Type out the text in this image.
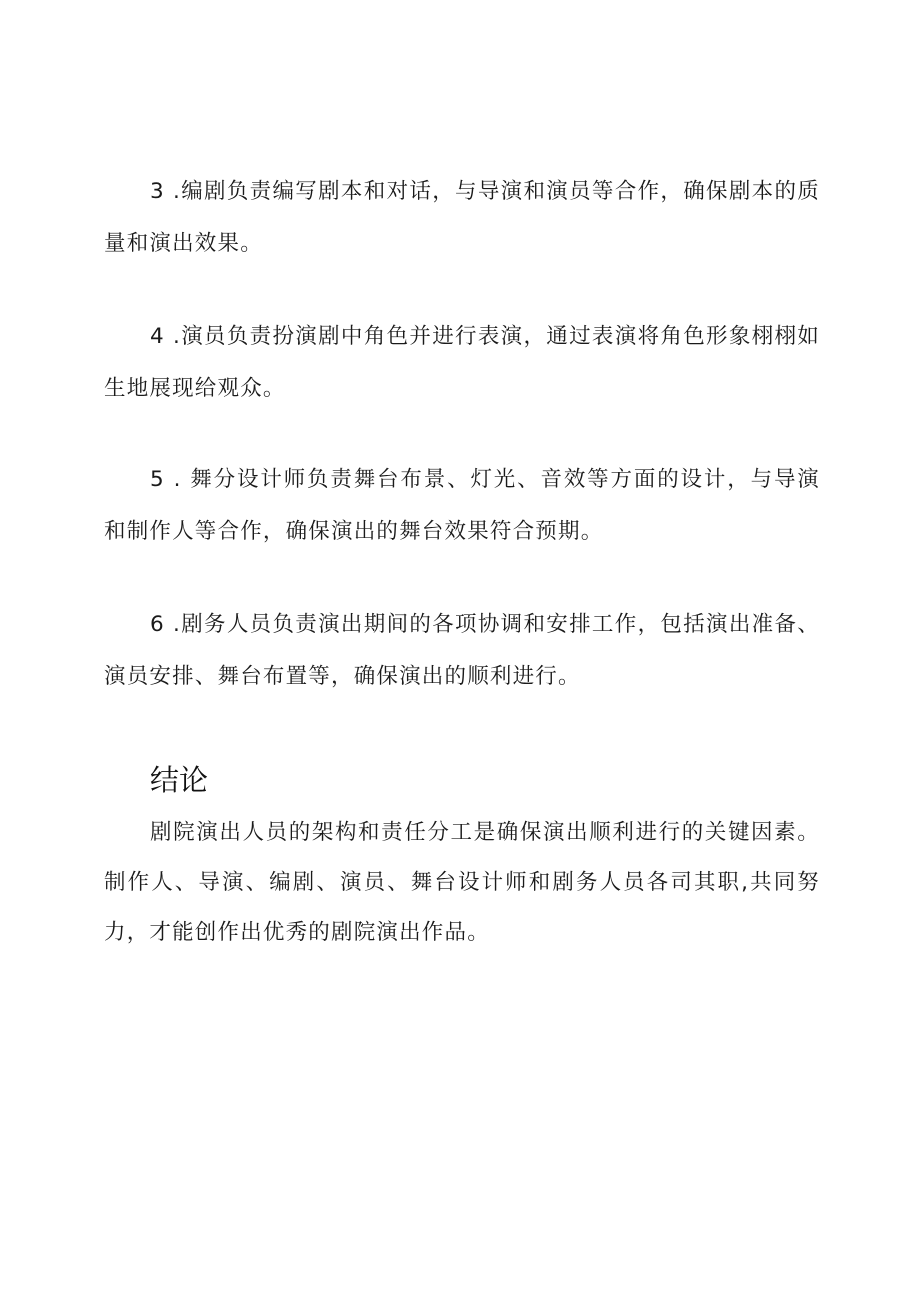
3 .编剧负责编写剧本和对话，与导演和演员等合作，确保剧本的质量和演出效果。

4 .演员负责扮演剧中角色并进行表演，通过表演将角色形象栩栩如生地展现给观众。

5 . 舞分设计师负责舞台布景、灯光、音效等方面的设计，与导演和制作人等合作，确保演出的舞台效果符合预期。

6 .剧务人员负责演出期间的各项协调和安排工作，包括演出准备、演员安排、舞台布置等，确保演出的顺利进行。

结论

剧院演出人员的架构和责任分工是确保演出顺利进行的关键因素。制作人、导演、编剧、演员、舞台设计师和剧务人员各司其职,共同努力，才能创作出优秀的剧院演出作品。
